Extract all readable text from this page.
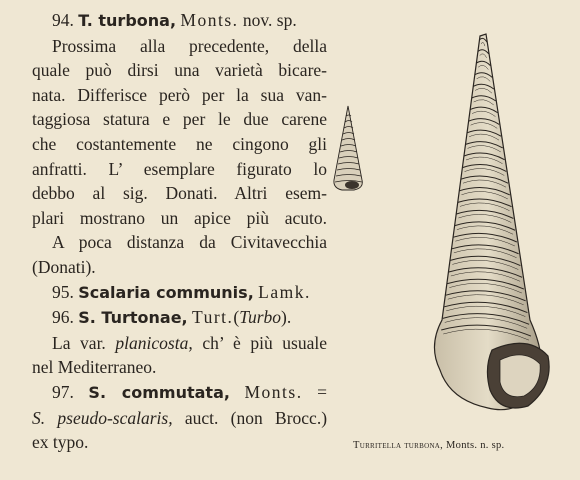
94. T. turbona, Monts. nov. sp.
Prossima alla precedente, della
quale può dirsi una varietà bicare-
nata. Differisce però per la sua van-
taggiosa statura e per le due carene
che costantemente ne cingono gli
anfratti. L’ esemplare figurato lo
debbo al sig. Donati. Altri esem-
plari mostrano un apice più acuto.
A poca distanza da Civitavecchia
(Donati).
95. Scalaria communis, Lamk.
96. S. Turtonae, Turt.(Turbo).
La var. planicosta, ch’ è più usuale
nel Mediterraneo.
97. S. commutata, Monts. =
S. pseudo-scalaris, auct. (non Brocc.)
ex typo.	Turritella turbona, Monts. n. sp.
